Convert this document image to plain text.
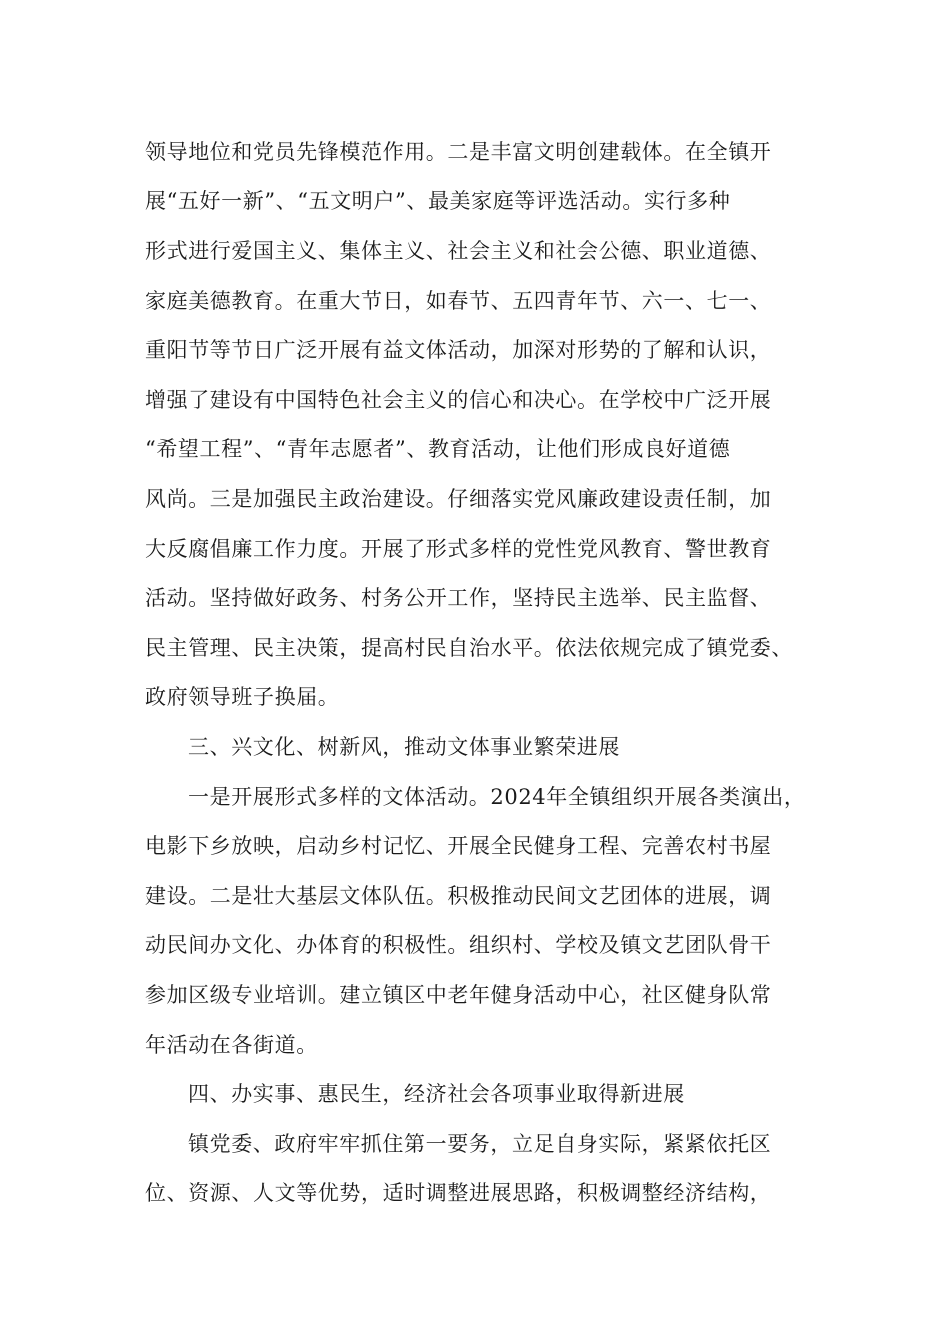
领导地位和党员先锋模范作用。二是丰富文明创建载体。在全镇开
展“五好一新”、“五文明户”、最美家庭等评选活动。实行多种
形式进行爱国主义、集体主义、社会主义和社会公德、职业道德、
家庭美德教育。在重大节日，如春节、五四青年节、六一、七一、
重阳节等节日广泛开展有益文体活动，加深对形势的了解和认识，
增强了建设有中国特色社会主义的信心和决心。在学校中广泛开展
“希望工程”、“青年志愿者”、教育活动，让他们形成良好道德
风尚。三是加强民主政治建设。仔细落实党风廉政建设责任制，加
大反腐倡廉工作力度。开展了形式多样的党性党风教育、警世教育
活动。坚持做好政务、村务公开工作，坚持民主选举、民主监督、
民主管理、民主决策，提高村民自治水平。依法依规完成了镇党委、
政府领导班子换届。
三、兴文化、树新风，推动文体事业繁荣进展
一是开展形式多样的文体活动。2024年全镇组织开展各类演出，
电影下乡放映，启动乡村记忆、开展全民健身工程、完善农村书屋
建设。二是壮大基层文体队伍。积极推动民间文艺团体的进展，调
动民间办文化、办体育的积极性。组织村、学校及镇文艺团队骨干
参加区级专业培训。建立镇区中老年健身活动中心，社区健身队常
年活动在各街道。
四、办实事、惠民生，经济社会各项事业取得新进展
镇党委、政府牢牢抓住第一要务，立足自身实际，紧紧依托区
位、资源、人文等优势，适时调整进展思路，积极调整经济结构，
